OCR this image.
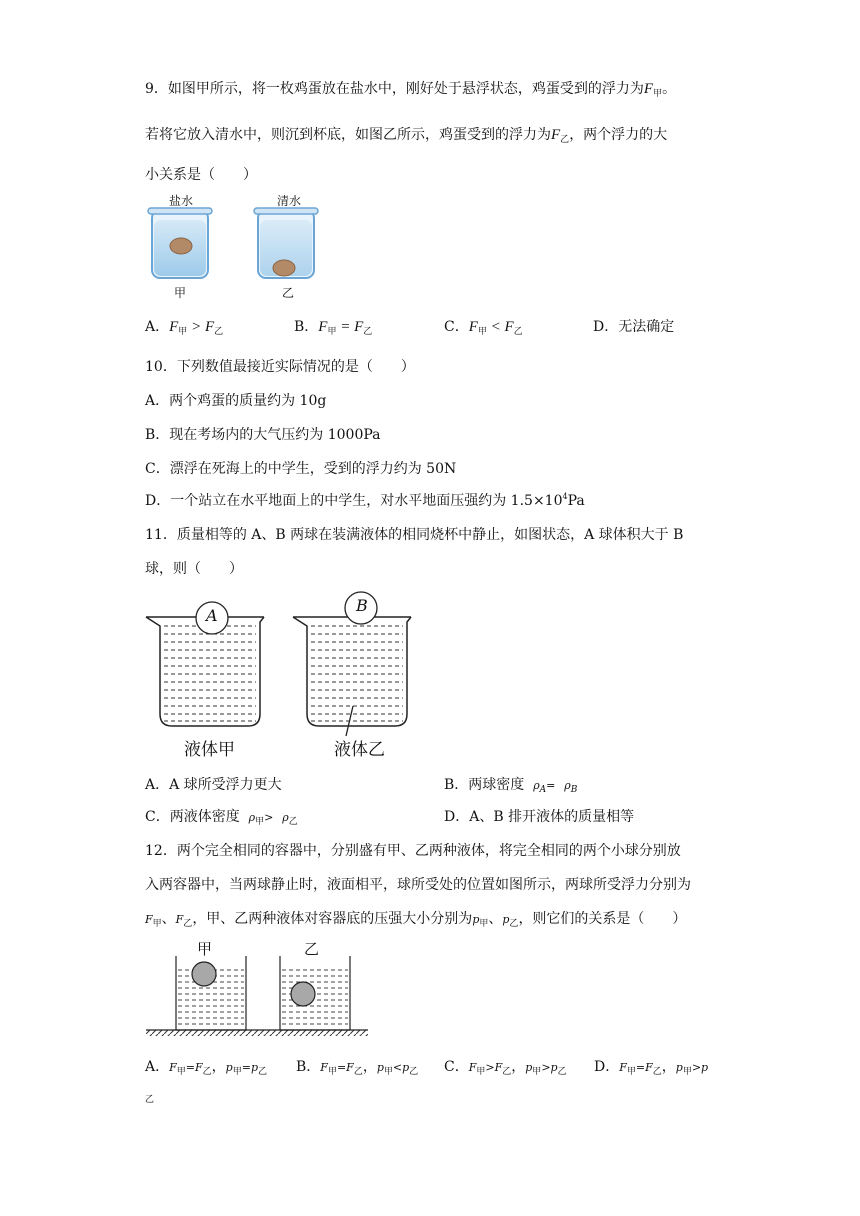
9．如图甲所示，将一枚鸡蛋放在盐水中，刚好处于悬浮状态，鸡蛋受到的浮力为$F_甲$。
若将它放入清水中，则沉到杯底，如图乙所示，鸡蛋受到的浮力为$F_乙$，两个浮力的大
小关系是（　　）
盐水	清水
甲	乙
A．$F_甲 > F_乙$	B．$F_甲 = F_乙$	C．$F_甲 < F_乙$	D．无法确定
10．下列数值最接近实际情况的是（　　）
A．两个鸡蛋的质量约为 10g
B．现在考场内的大气压约为 1000Pa
C．漂浮在死海上的中学生，受到的浮力约为 50N
D．一个站立在水平地面上的中学生，对水平地面压强约为 $1.5\times 10^4Pa$
11．质量相等的 A、B 两球在装满液体的相同烧杯中静止，如图状态，A 球体积大于 B
球，则（　　）
A
B
液体甲	液体乙
A．A 球所受浮力更大	B．两球密度 $\rho_A= \rho_B$
C．两液体密度 $\rho_甲> \rho_乙$	D．A、B 排开液体的质量相等
12．两个完全相同的容器中，分别盛有甲、乙两种液体，将完全相同的两个小球分别放
入两容器中，当两球静止时，液面相平，球所受处的位置如图所示，两球所受浮力分别为
$F_甲$、$F_乙$，甲、乙两种液体对容器底的压强大小分别为$p_甲$、$p_乙$，则它们的关系是（　　）
甲	乙
A．$F_甲=F_乙$，$p_甲=p_乙$ B．$F_甲=F_乙$，$p_甲<p_乙$ C．$F_甲>F_乙$，$p_甲>p_乙$ D．$F_甲=F_乙$，$p_甲>p$
乙
